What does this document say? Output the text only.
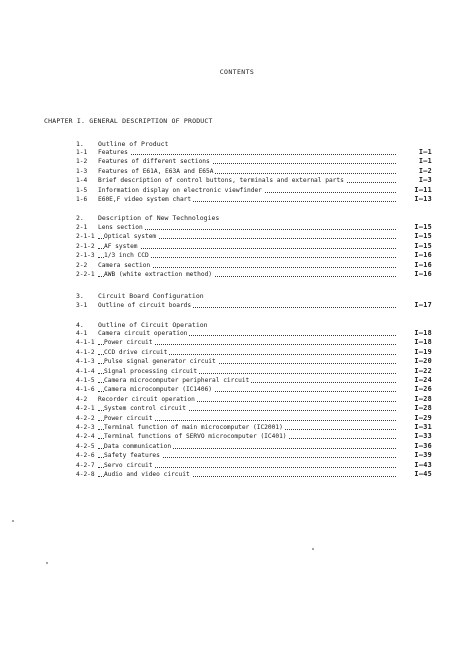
CONTENTS
CHAPTER I. GENERAL DESCRIPTION OF PRODUCT
1. Outline of Product
1-1 Features	I—1
1-2 Features of different sections	I—1
1-3 Features of E61A, E63A and E65A	I—2
1-4 Brief description of control buttons, terminals and external parts	I—3
1-5 Information display on electronic viewfinder	I—11
1-6 E60E,F video system chart	I—13
2. Description of New Technologies
2-1 Lens section	I—15
2-1-1 Optical system	I—15
2-1-2 AF system	I—15
2-1-3 1/3 inch CCD	I—16
2-2 Camera section	I—16
2-2-1 AWB (white extraction method)	I—16
3. Circuit Board Configuration
3-1 Outline of circuit boards	I—17
4. Outline of Circuit Operation
4-1 Camera circuit operation	I—18
4-1-1 Power circuit	I—18
4-1-2 CCD drive circuit	I—19
4-1-3 Pulse signal generator circuit	I—20
4-1-4 Signal processing circuit	I—22
4-1-5 Camera microcomputer peripheral circuit	I—24
4-1-6 Camera microcomputer (IC1406)	I—26
4-2 Recorder circuit operation	I—28
4-2-1 System control circuit	I—28
4-2-2 Power circuit	I—29
4-2-3 Terminal function of main microcomputer (IC2001)	I—31
4-2-4 Terminal functions of SERVO microcomputer (IC401)	I—33
4-2-5 Data communication	I—36
4-2-6 Safety features	I—39
4-2-7 Servo circuit	I—43
4-2-8 Audio and video circuit	I—45
